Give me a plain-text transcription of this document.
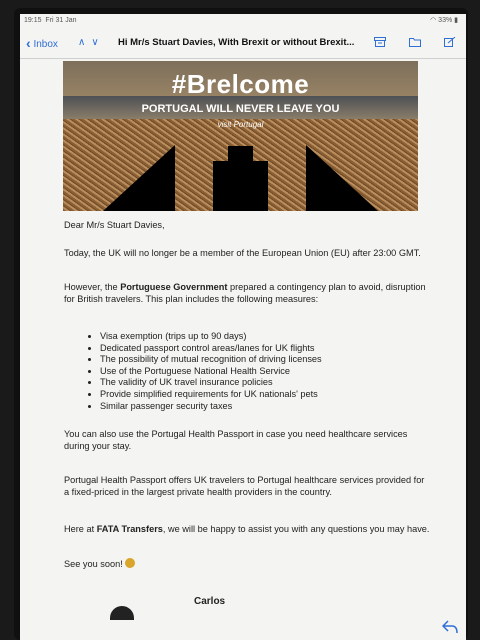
19:15 Fri 31 Jan	◠ 33% ▮
‹ Inbox ∧∨ Hi Mr/s Stuart Davies, With Brexit or without Brexit...

#Brelcome
PORTUGAL WILL NEVER LEAVE YOU
visit Portugal

Dear Mr/s Stuart Davies,

Today, the UK will no longer be a member of the European Union (EU) after 23:00 GMT.

However, the Portuguese Government prepared a contingency plan to avoid, disruption for British travelers. This plan includes the following measures:

• Visa exemption (trips up to 90 days)
• Dedicated passport control areas/lanes for UK flights
• The possibility of mutual recognition of driving licenses
• Use of the Portuguese National Health Service
• The validity of UK travel insurance policies
• Provide simplified requirements for UK nationals' pets
• Similar passenger security taxes

You can also use the Portugal Health Passport in case you need healthcare services during your stay.

Portugal Health Passport offers UK travelers to Portugal healthcare services provided for a fixed-priced in the largest private health providers in the country.

Here at FATA Transfers, we will be happy to assist you with any questions you may have.

See you soon!

Carlos
